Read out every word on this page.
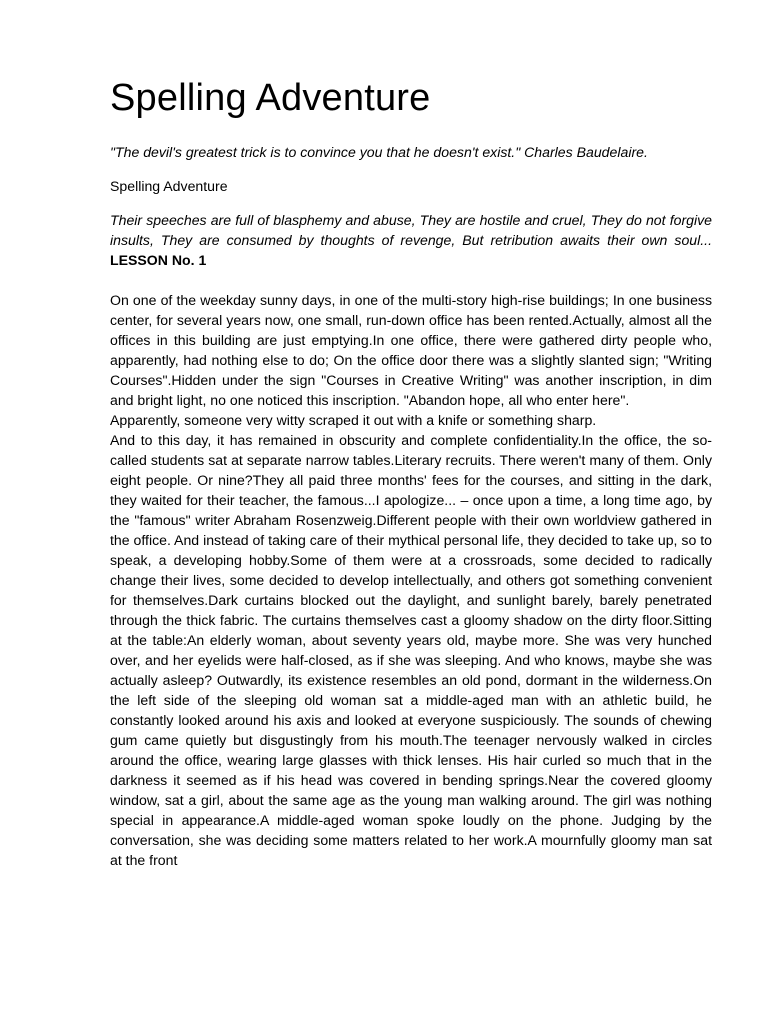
Spelling Adventure

"The devil's greatest trick is to convince you that he doesn't exist." Charles Baudelaire.

Spelling Adventure

Their speeches are full of blasphemy and abuse, They are hostile and cruel, They do not forgive insults, They are consumed by thoughts of revenge, But retribution awaits their own soul... LESSON No. 1

On one of the weekday sunny days, in one of the multi-story high-rise buildings; In one business center, for several years now, one small, run-down office has been rented.Actually, almost all the offices in this building are just emptying.In one office, there were gathered dirty people who, apparently, had nothing else to do; On the office door there was a slightly slanted sign; "Writing Courses".Hidden under the sign "Courses in Creative Writing" was another inscription, in dim and bright light, no one noticed this inscription. "Abandon hope, all who enter here".

Apparently, someone very witty scraped it out with a knife or something sharp.

And to this day, it has remained in obscurity and complete confidentiality.In the office, the so-called students sat at separate narrow tables.Literary recruits. There weren't many of them. Only eight people. Or nine?They all paid three months' fees for the courses, and sitting in the dark, they waited for their teacher, the famous...I apologize... – once upon a time, a long time ago, by the "famous" writer Abraham Rosenzweig.Different people with their own worldview gathered in the office. And instead of taking care of their mythical personal life, they decided to take up, so to speak, a developing hobby.Some of them were at a crossroads, some decided to radically change their lives, some decided to develop intellectually, and others got something convenient for themselves.Dark curtains blocked out the daylight, and sunlight barely, barely penetrated through the thick fabric. The curtains themselves cast a gloomy shadow on the dirty floor.Sitting at the table:An elderly woman, about seventy years old, maybe more. She was very hunched over, and her eyelids were half-closed, as if she was sleeping. And who knows, maybe she was actually asleep? Outwardly, its existence resembles an old pond, dormant in the wilderness.On the left side of the sleeping old woman sat a middle-aged man with an athletic build, he constantly looked around his axis and looked at everyone suspiciously. The sounds of chewing gum came quietly but disgustingly from his mouth.The teenager nervously walked in circles around the office, wearing large glasses with thick lenses. His hair curled so much that in the darkness it seemed as if his head was covered in bending springs.Near the covered gloomy window, sat a girl, about the same age as the young man walking around. The girl was nothing special in appearance.A middle-aged woman spoke loudly on the phone. Judging by the conversation, she was deciding some matters related to her work.A mournfully gloomy man sat at the front
